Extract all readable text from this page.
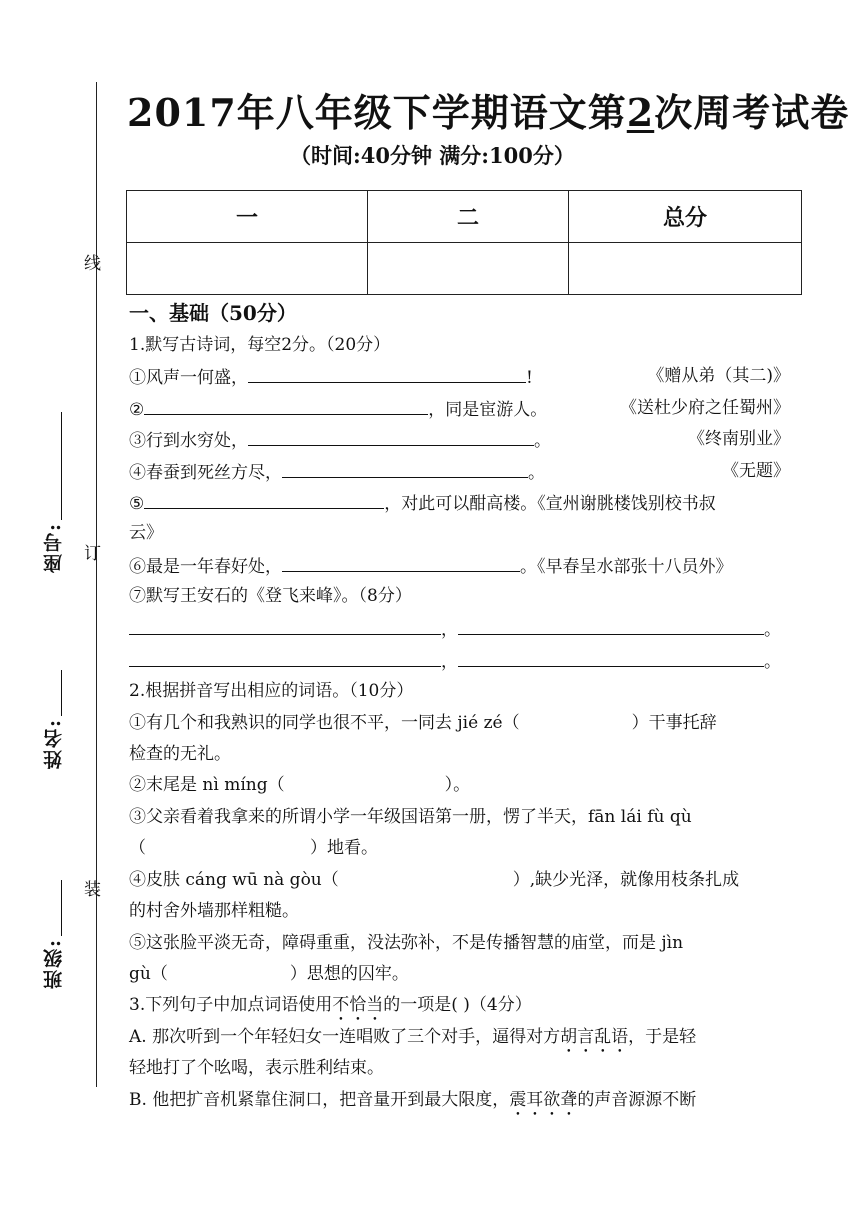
线
订
装
座号:
姓名:
班级:
2017年八年级下学期语文第2次周考试卷
（时间:40分钟 满分:100分）
一	二	总分

一、基础（50分）
1.默写古诗词，每空2分。（20分）
①风声一何盛，	!	《赠从弟（其二)》
②	，同是宦游人。	《送杜少府之任蜀州》
③行到水穷处，	。	《终南别业》
④春蚕到死丝方尽，	。	《无题》
⑤	，对此可以酣高楼。《宣州谢朓楼饯别校书叔
云》
⑥最是一年春好处，	。《早春呈水部张十八员外》
⑦默写王安石的《登飞来峰》。（8分）
，	。
，	。
2.根据拼音写出相应的词语。（10分）
①有几个和我熟识的同学也很不平，一同去 jié zé（	）干事托辞
检查的无礼。
②末尾是 nì míng（	）。
③父亲看着我拿来的所谓小学一年级国语第一册，愣了半天，fān lái fù qù
（	）地看。
④皮肤 cáng wū nà gòu（	）,缺少光泽，就像用枝条扎成
的村舍外墙那样粗糙。
⑤这张脸平淡无奇，障碍重重，没法弥补，不是传播智慧的庙堂，而是 jìn
gù（	）思想的囚牢。
3.下列句子中加点词语使用不恰当的一项是( )（4分）
A. 那次听到一个年轻妇女一连唱败了三个对手，逼得对方胡言乱语，于是轻
轻地打了个吆喝，表示胜利结束。
B. 他把扩音机紧靠住洞口，把音量开到最大限度，震耳欲聋的声音源源不断
